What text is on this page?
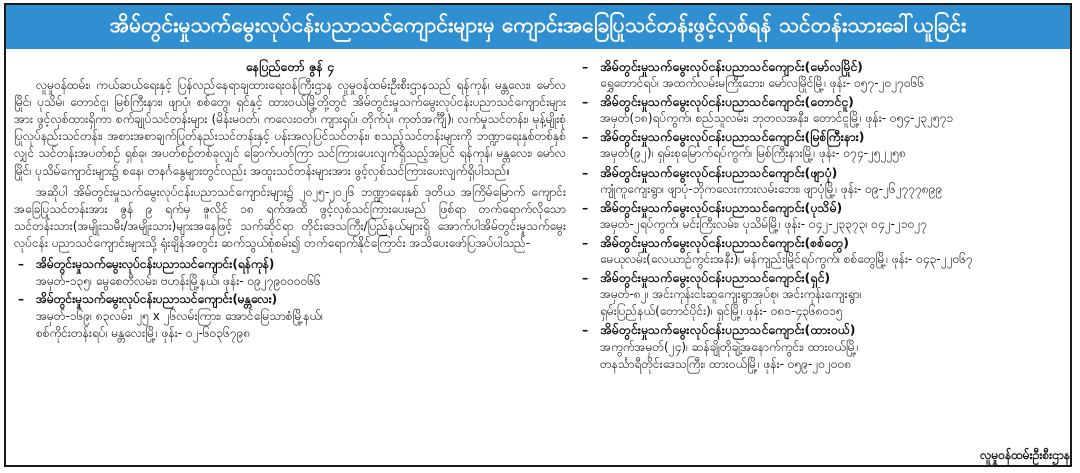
အိမ်တွင်းမှုသက်မွေးလုပ်ငန်းပညာသင်ကျောင်းများမှ ကျောင်းအခြေပြုသင်တန်းဖွင့်လှစ်ရန် သင်တန်းသားခေါ်ယူခြင်း
နေပြည်တော် ဇွန် ၄

လူမှုဝန်ထမ်း၊ ကယ်ဆယ်ရေးနှင့် ပြန်လည်နေရာချထားရေးဝန်ကြီးဌာန လူမှုဝန်ထမ်းဦးစီးဌာနသည် ရန်ကုန်၊ မန္တလေး၊ မော်လမြိုင်၊ ပုသိမ်၊ တောင်ငူ၊ မြစ်ကြီးနား၊ ဖျာပုံ၊ စစ်တွေ၊ ရှင်နှင့် ထားဝယ်မြို့တို့တွင် အိမ်တွင်းမှုသက်မွေးလုပ်ငန်းပညာသင်ကျောင်းများအား ဖွင့်လှစ်ထားရှိကာ စက်ချုပ်သင်တန်းများ (မိန်းမဝတ်၊ ကလေးဝတ်၊ ကျားရှပ်၊ တိုက်ပုံ၊ ကုတ်အင်္ကျီ)၊ လက်မှုသင်တန်း၊ မုန့်မျိုးစုံပြုလုပ်နည်းသင်တန်း၊ အစားအစာချက်ပြုတ်နည်းသင်တန်းနှင့် ပန်းအလှပြင်သင်တန်း၊ စသည့်သင်တန်းများကို ဘဏ္ဍာရေးနှစ်တစ်နှစ်လျှင် သင်တန်းအပတ်စဉ် ရှစ်ခု၊ အပတ်စဉ်တစ်ခုလျှင် ခြောက်ပတ်ကြာ သင်ကြားပေးလျက်ရှိသည့်အပြင် ရန်ကုန်၊ မန္တလေး၊ မော်လမြိုင်၊ ပုသိမ်ကျောင်းများ၌ စနေ၊ တနင်္ဂနွေများတွင်လည်း အထူးသင်တန်းများအား ဖွင့်လှစ်သင်ကြားပေးလျက်ရှိပါသည်။

အဆိုပါ အိမ်တွင်းမှုသက်မွေးလုပ်ငန်းပညာသင်ကျောင်းများ၌ ၂၀၂၅-၂၀၂၆ ဘဏ္ဍာရေးနှစ် ဒုတိယ အကြိမ်မြောက် ကျောင်းအခြေပြုသင်တန်းအား ဇွန် ၉ ရက်မှ ဇူလိုင် ၁၈ ရက်အထိ ဖွင့်လှစ်သင်ကြားပေးမည် ဖြစ်ရာ တက်ရောက်လိုသော သင်တန်းသား(အမျိုးသမီး/အမျိုးသား)များအနေဖြင့် သက်ဆိုင်ရာ တိုင်းဒေသကြီး/ပြည်နယ်များရှိ အောက်ပါအိမ်တွင်းမှုသက်မွေးလုပ်ငန်း ပညာသင်ကျောင်းများသို့ ရုံးချိန်အတွင်း ဆက်သွယ်စုံစမ်း၍ တက်ရောက်နိုင်ကြောင်း အသိပေးဖော်ပြအပ်ပါသည်-

– အိမ်တွင်းမှုသက်မွေးလုပ်ငန်းပညာသင်ကျောင်း(ရန်ကုန်)
အမှတ်-၁၃၅၊ မွေစေတီလမ်း၊ ဗဟန်းမြို့နယ်၊ ဖုန်း- ၀၉၂၇၉၀၀၀၀၆၆
– အိမ်တွင်းမှုသက်မွေးလုပ်ငန်းပညာသင်ကျောင်း(မန္တလေး)
အမှတ်-၁၆၉၊ ၈၃လမ်း၊ ၂၅ x ၂၆လမ်းကြား၊ အောင်မြေသာစံမြို့နယ်၊
စစ်ကိုင်းတန်းရပ်၊ မန္တလေးမြို့၊ ဖုန်း- ၀၂-၆၀၃၆၇၉၈
– အိမ်တွင်းမှုသက်မွေးလုပ်ငန်းပညာသင်ကျောင်း(မော်လမြိုင်)
ရွှေတောင်ရပ်၊ အထက်လမ်းမကြီးဘေး၊ မော်လမြိုင်မြို့၊ ဖုန်း- ၀၅၇-၂၀၂၇၀၆၆
– အိမ်တွင်းမှုသက်မွေးလုပ်ငန်းပညာသင်ကျောင်း(တောင်ငူ)
အမှတ်(၁၈)ရပ်ကွက်၊ စည်သူလမ်း၊ ဘုတလအနီး၊ တောင်ငူမြို့၊ ဖုန်း- ၀၅၄-၂၃၂၅၇၁
– အိမ်တွင်းမှုသက်မွေးလုပ်ငန်းပညာသင်ကျောင်း(မြစ်ကြီးနား)
အမှတ်(၉၂)၊ ရှမ်းစုမြောက်ရပ်ကွက်၊ မြစ်ကြီးနားမြို့၊ ဖုန်း- ၀၇၄-၂၅၂၂၅၈
– အိမ်တွင်းမှုသက်မွေးလုပ်ငန်းပညာသင်ကျောင်း(ဖျာပုံ)
ကျုံကူကျေးရွာ၊ ဖျာပုံ-ဘိုကလေးကားလမ်းဘေး၊ ဖျာပုံမြို့၊ ဖုန်း- ၀၉-၂၆၂၇၇၇၈၉၉
– အိမ်တွင်းမှုသက်မွေးလုပ်ငန်းပညာသင်ကျောင်း(ပုသိမ်)
အမှတ်-၂ရပ်ကွက်၊ မင်းကြီးလမ်း၊ ပုသိမ်မြို့၊ ဖုန်း- ၀၄၂-၂၃၃၇၃၊ ၀၄၂-၂၁၀၂၇
– အိမ်တွင်းမှုသက်မွေးလုပ်ငန်းပညာသင်ကျောင်း(စစ်တွေ)
မေယုလမ်း(လေယာဉ်ကွင်းအနီး)၊ မန်ကျည်းမြိုင်ရပ်ကွက်၊ စစ်တွေမြို့၊ ဖုန်း- ၀၄၃-၂၂၀၆၇
– အိမ်တွင်းမှုသက်မွေးလုပ်ငန်းပညာသင်ကျောင်း(ရှင်)
အမှတ်-၈၂၊ အင်းကုန်းငါးဆူကျေးရွာအုပ်စု၊ အင်းကုန်းကျေးရွာ၊
ရှမ်းပြည်နယ်(တောင်ပိုင်း)၊ ရှင်မြို့၊ ဖုန်း- ၀၈၁-၄၃၆၈၀၁၅
– အိမ်တွင်းမှုသက်မွေးလုပ်ငန်းပညာသင်ကျောင်း(ထားဝယ်)
အကွက်အမှတ်(၂၄)၊ ဆန်ချိုတိုချဲ့အနောက်ကွင်း၊ ထားဝယ်မြို့၊
တနင်္သာရီတိုင်းဒေသကြီး၊ ထားဝယ်မြို့၊ ဖုန်း- ၀၅၉-၂၀၂၀၀၈
လူမှုဝန်ထမ်းဦးစီးဌာန
